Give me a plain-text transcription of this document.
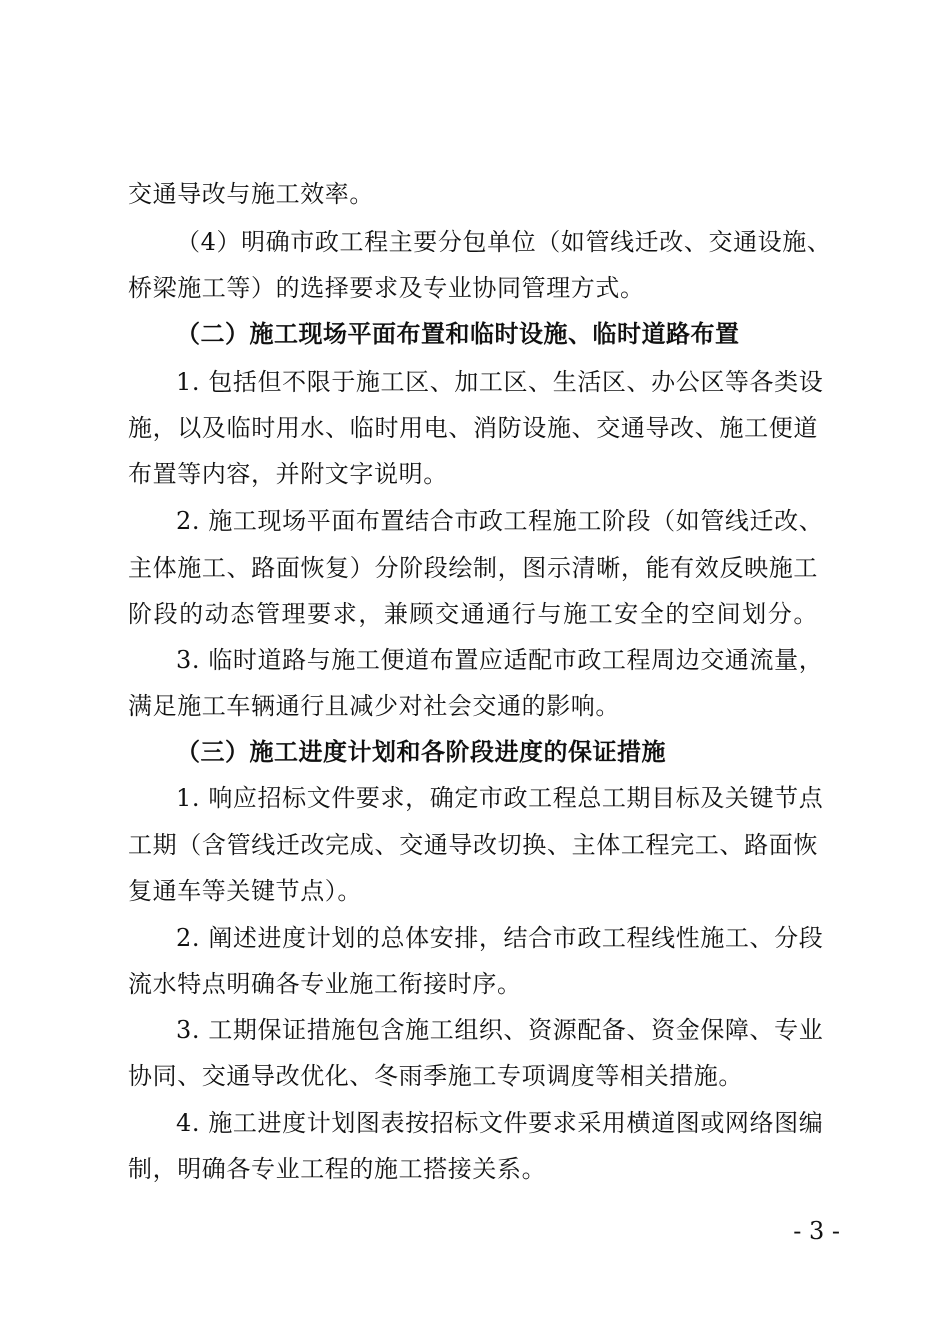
交通导改与施工效率。
（4）明确市政工程主要分包单位（如管线迁改、交通设施、
桥梁施工等）的选择要求及专业协同管理方式。
（二）施工现场平面布置和临时设施、临时道路布置
1. 包括但不限于施工区、加工区、生活区、办公区等各类设
施，以及临时用水、临时用电、消防设施、交通导改、施工便道
布置等内容，并附文字说明。
2. 施工现场平面布置结合市政工程施工阶段（如管线迁改、
主体施工、路面恢复）分阶段绘制，图示清晰，能有效反映施工
阶段的动态管理要求，兼顾交通通行与施工安全的空间划分。
3. 临时道路与施工便道布置应适配市政工程周边交通流量，
满足施工车辆通行且减少对社会交通的影响。
（三）施工进度计划和各阶段进度的保证措施
1. 响应招标文件要求，确定市政工程总工期目标及关键节点
工期（含管线迁改完成、交通导改切换、主体工程完工、路面恢
复通车等关键节点）。
2. 阐述进度计划的总体安排，结合市政工程线性施工、分段
流水特点明确各专业施工衔接时序。
3. 工期保证措施包含施工组织、资源配备、资金保障、专业
协同、交通导改优化、冬雨季施工专项调度等相关措施。
4. 施工进度计划图表按招标文件要求采用横道图或网络图编
制，明确各专业工程的施工搭接关系。
- 3 -
